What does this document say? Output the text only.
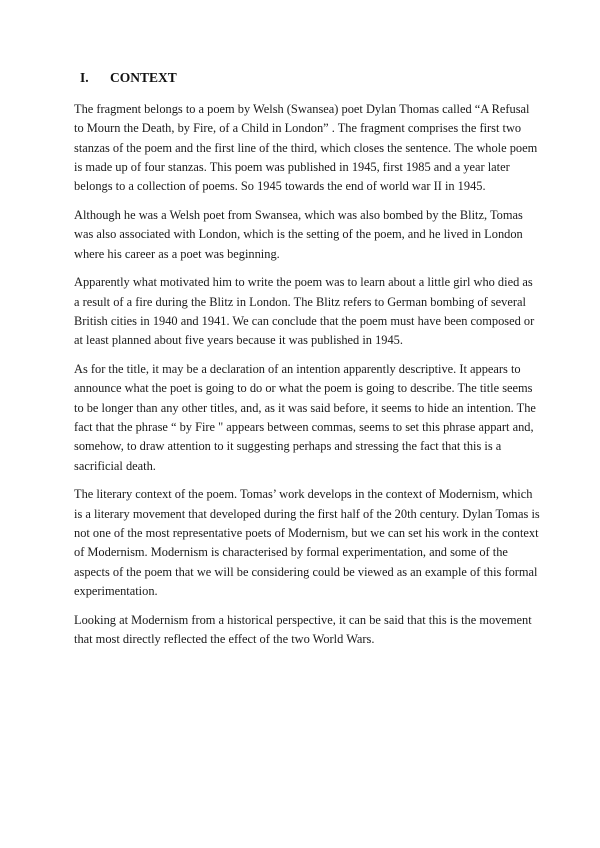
I. CONTEXT

The fragment belongs to a poem by Welsh (Swansea) poet Dylan Thomas called “A Refusal
to Mourn the Death, by Fire, of a Child in London” . The fragment comprises the first two
stanzas of the poem and the first line of the third, which closes the sentence. The whole poem
is made up of four stanzas. This poem was published in 1945, first 1985 and a year later
belongs to a collection of poems. So 1945 towards the end of world war II in 1945.

Although he was a Welsh poet from Swansea, which was also bombed by the Blitz, Tomas
was also associated with London, which is the setting of the poem, and he lived in London
where his career as a poet was beginning.

Apparently what motivated him to write the poem was to learn about a little girl who died as
a result of a fire during the Blitz in London. The Blitz refers to German bombing of several
British cities in 1940 and 1941. We can conclude that the poem must have been composed or
at least planned about five years because it was published in 1945.

As for the title, it may be a declaration of an intention apparently descriptive. It appears to
announce what the poet is going to do or what the poem is going to describe. The title seems
to be longer than any other titles, and, as it was said before, it seems to hide an intention. The
fact that the phrase “ by Fire " appears between commas, seems to set this phrase appart and,
somehow, to draw attention to it suggesting perhaps and stressing the fact that this is a
sacrificial death.

The literary context of the poem. Tomas’ work develops in the context of Modernism, which
is a literary movement that developed during the first half of the 20th century. Dylan Tomas is
not one of the most representative poets of Modernism, but we can set his work in the context
of Modernism. Modernism is characterised by formal experimentation, and some of the
aspects of the poem that we will be considering could be viewed as an example of this formal
experimentation.

Looking at Modernism from a historical perspective, it can be said that this is the movement
that most directly reflected the effect of the two World Wars.
